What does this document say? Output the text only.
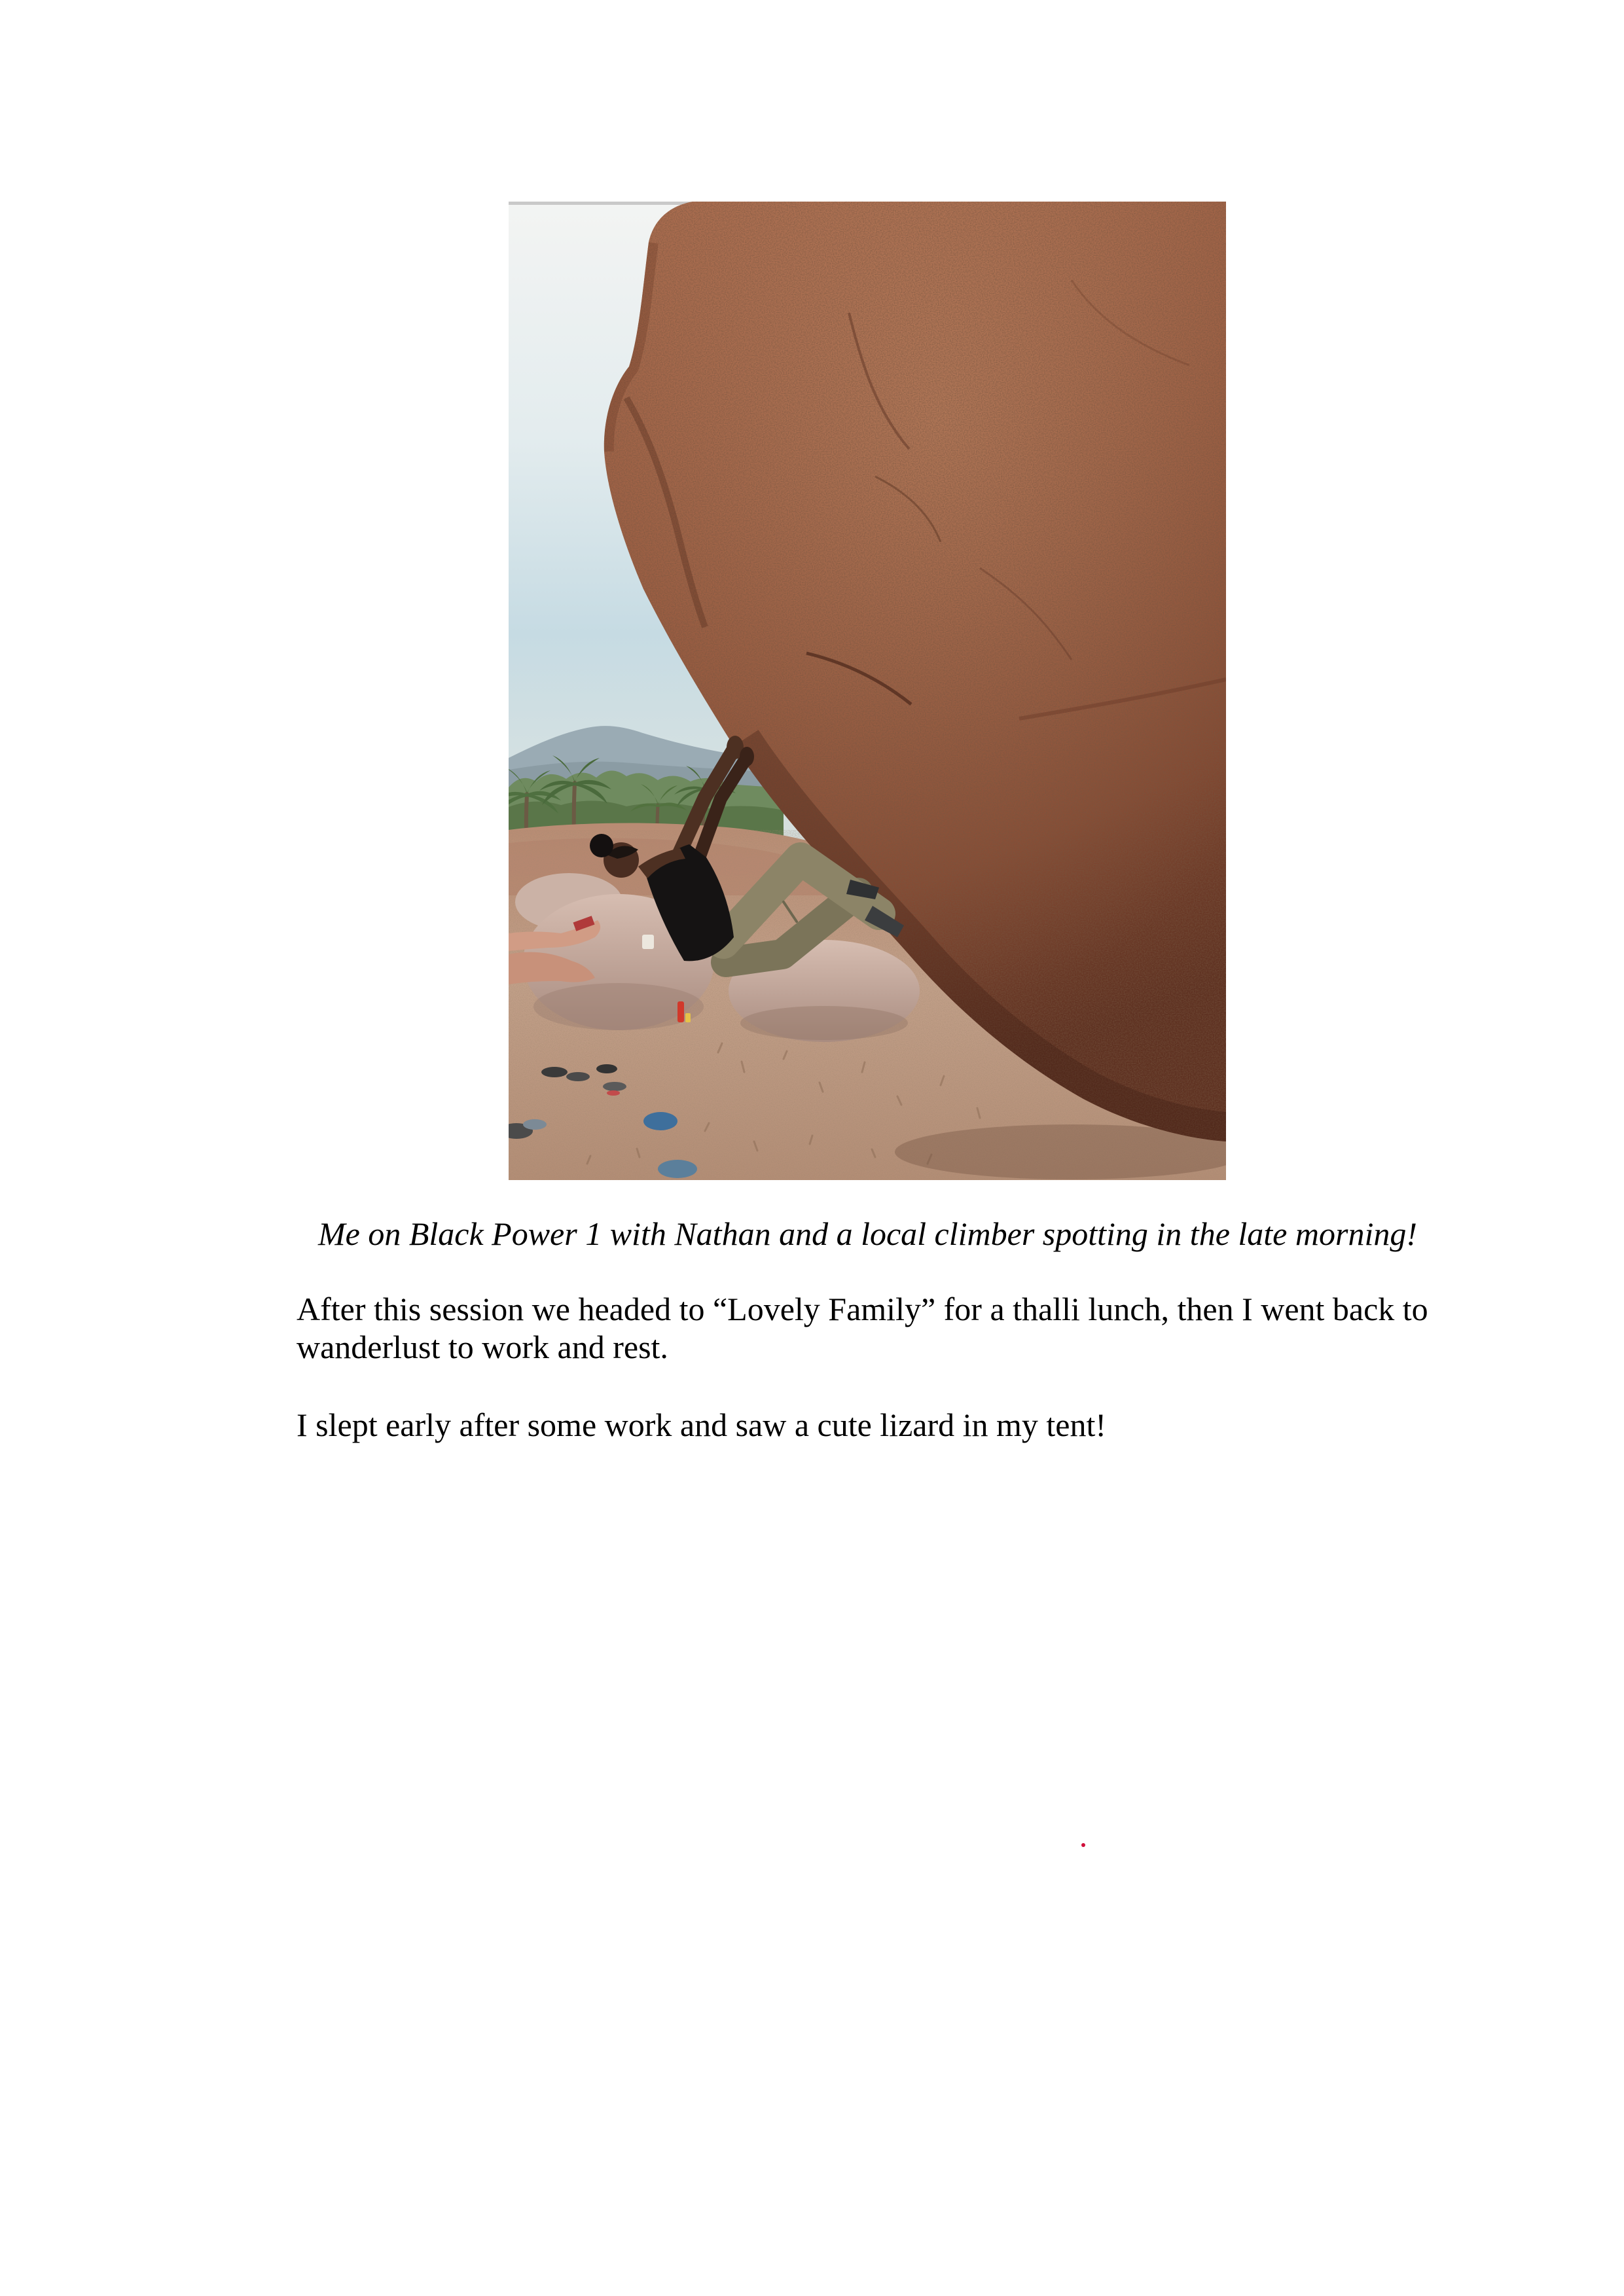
Me on Black Power 1 with Nathan and a local climber spotting in the late morning!
After this session we headed to “Lovely Family” for a thalli lunch, then I went back to
wanderlust to work and rest.
I slept early after some work and saw a cute lizard in my tent!
